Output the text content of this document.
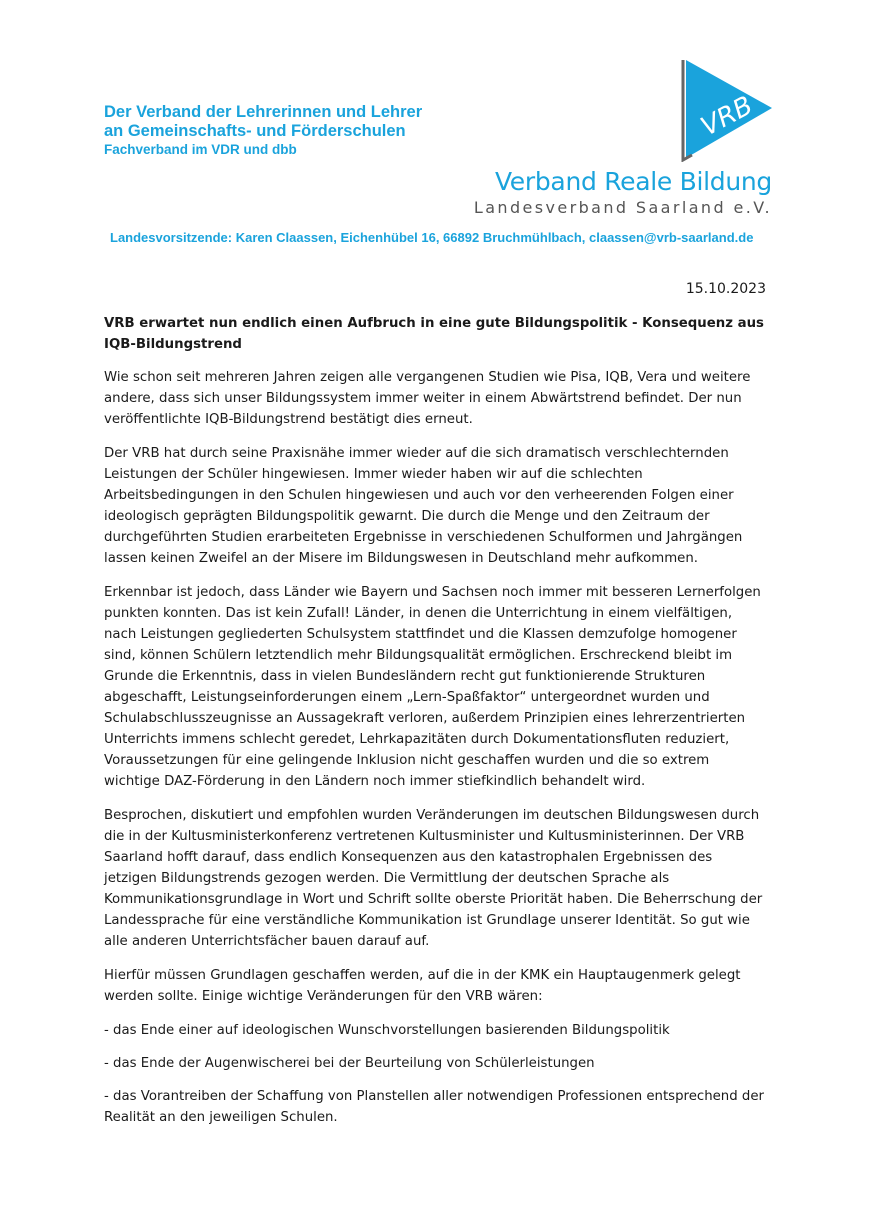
Der Verband der Lehrerinnen und Lehrer
an Gemeinschafts- und Förderschulen
Fachverband im VDR und dbb
VRB
Verband Reale Bildung
Landesverband Saarland e.V.
Landesvorsitzende: Karen Claassen, Eichenhübel 16, 66892 Bruchmühlbach, claassen@vrb-saarland.de
15.10.2023

VRB erwartet nun endlich einen Aufbruch in eine gute Bildungspolitik - Konsequenz aus IQB-Bildungstrend

Wie schon seit mehreren Jahren zeigen alle vergangenen Studien wie Pisa, IQB, Vera und weitere andere, dass sich unser Bildungssystem immer weiter in einem Abwärtstrend befindet. Der nun veröffentlichte IQB-Bildungstrend bestätigt dies erneut.

Der VRB hat durch seine Praxisnähe immer wieder auf die sich dramatisch verschlechternden Leistungen der Schüler hingewiesen. Immer wieder haben wir auf die schlechten Arbeitsbedingungen in den Schulen hingewiesen und auch vor den verheerenden Folgen einer ideologisch geprägten Bildungspolitik gewarnt. Die durch die Menge und den Zeitraum der durchgeführten Studien erarbeiteten Ergebnisse in verschiedenen Schulformen und Jahrgängen lassen keinen Zweifel an der Misere im Bildungswesen in Deutschland mehr aufkommen.

Erkennbar ist jedoch, dass Länder wie Bayern und Sachsen noch immer mit besseren Lernerfolgen punkten konnten. Das ist kein Zufall! Länder, in denen die Unterrichtung in einem vielfältigen, nach Leistungen gegliederten Schulsystem stattfindet und die Klassen demzufolge homogener sind, können Schülern letztendlich mehr Bildungsqualität ermöglichen. Erschreckend bleibt im Grunde die Erkenntnis, dass in vielen Bundesländern recht gut funktionierende Strukturen abgeschafft, Leistungseinforderungen einem „Lern-Spaßfaktor“ untergeordnet wurden und Schulabschlusszeugnisse an Aussagekraft verloren, außerdem Prinzipien eines lehrerzentrierten Unterrichts immens schlecht geredet, Lehrkapazitäten durch Dokumentationsfluten reduziert, Voraussetzungen für eine gelingende Inklusion nicht geschaffen wurden und die so extrem wichtige DAZ-Förderung in den Ländern noch immer stiefkindlich behandelt wird.

Besprochen, diskutiert und empfohlen wurden Veränderungen im deutschen Bildungswesen durch die in der Kultusministerkonferenz vertretenen Kultusminister und Kultusministerinnen. Der VRB Saarland hofft darauf, dass endlich Konsequenzen aus den katastrophalen Ergebnissen des jetzigen Bildungstrends gezogen werden. Die Vermittlung der deutschen Sprache als Kommunikationsgrundlage in Wort und Schrift sollte oberste Priorität haben. Die Beherrschung der Landessprache für eine verständliche Kommunikation ist Grundlage unserer Identität. So gut wie alle anderen Unterrichtsfächer bauen darauf auf.

Hierfür müssen Grundlagen geschaffen werden, auf die in der KMK ein Hauptaugenmerk gelegt werden sollte. Einige wichtige Veränderungen für den VRB wären:

- das Ende einer auf ideologischen Wunschvorstellungen basierenden Bildungspolitik

- das Ende der Augenwischerei bei der Beurteilung von Schülerleistungen

- das Vorantreiben der Schaffung von Planstellen aller notwendigen Professionen entsprechend der Realität an den jeweiligen Schulen.
